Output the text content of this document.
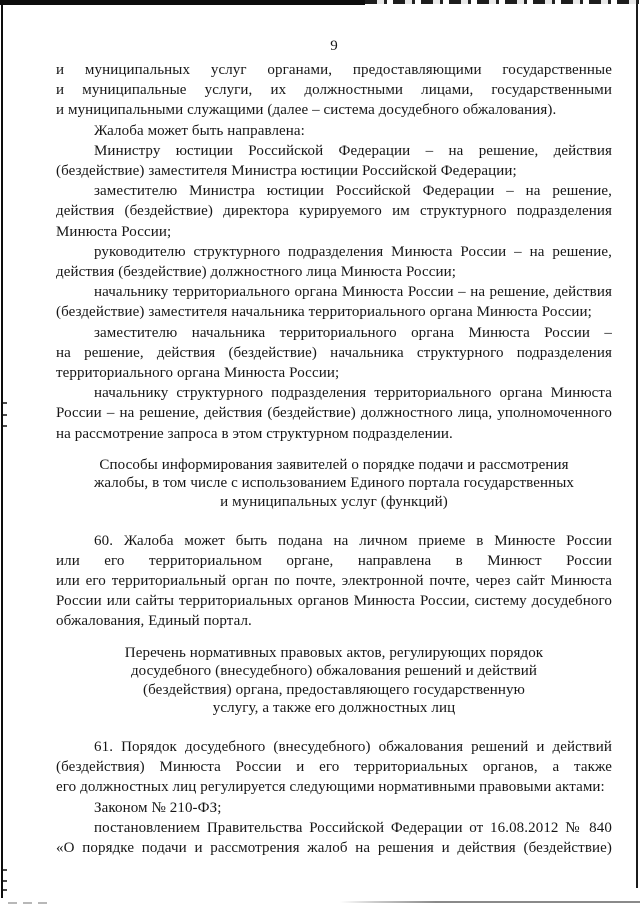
9
и муниципальных услуг органами, предоставляющими государственные
и муниципальные услуги, их должностными лицами, государственными
и муниципальными служащими (далее – система досудебного обжалования).
Жалоба может быть направлена:
Министру юстиции Российской Федерации – на решение, действия
(бездействие) заместителя Министра юстиции Российской Федерации;
заместителю Министра юстиции Российской Федерации – на решение,
действия (бездействие) директора курируемого им структурного подразделения
Минюста России;
руководителю структурного подразделения Минюста России – на решение,
действия (бездействие) должностного лица Минюста России;
начальнику территориального органа Минюста России – на решение, действия
(бездействие) заместителя начальника территориального органа Минюста России;
заместителю начальника территориального органа Минюста России –
на решение, действия (бездействие) начальника структурного подразделения
территориального органа Минюста России;
начальнику структурного подразделения территориального органа Минюста
России – на решение, действия (бездействие) должностного лица, уполномоченного
на рассмотрение запроса в этом структурном подразделении.
Способы информирования заявителей о порядке подачи и рассмотрения
жалобы, в том числе с использованием Единого портала государственных
и муниципальных услуг (функций)
60. Жалоба может быть подана на личном приеме в Минюсте России
или его территориальном органе, направлена в Минюст России
или его территориальный орган по почте, электронной почте, через сайт Минюста
России или сайты территориальных органов Минюста России, систему досудебного
обжалования, Единый портал.
Перечень нормативных правовых актов, регулирующих порядок
досудебного (внесудебного) обжалования решений и действий
(бездействия) органа, предоставляющего государственную
услугу, а также его должностных лиц
61. Порядок досудебного (внесудебного) обжалования решений и действий
(бездействия) Минюста России и его территориальных органов, а также
его должностных лиц регулируется следующими нормативными правовыми актами:
Законом № 210-ФЗ;
постановлением Правительства Российской Федерации от 16.08.2012 № 840
«О порядке подачи и рассмотрения жалоб на решения и действия (бездействие)
